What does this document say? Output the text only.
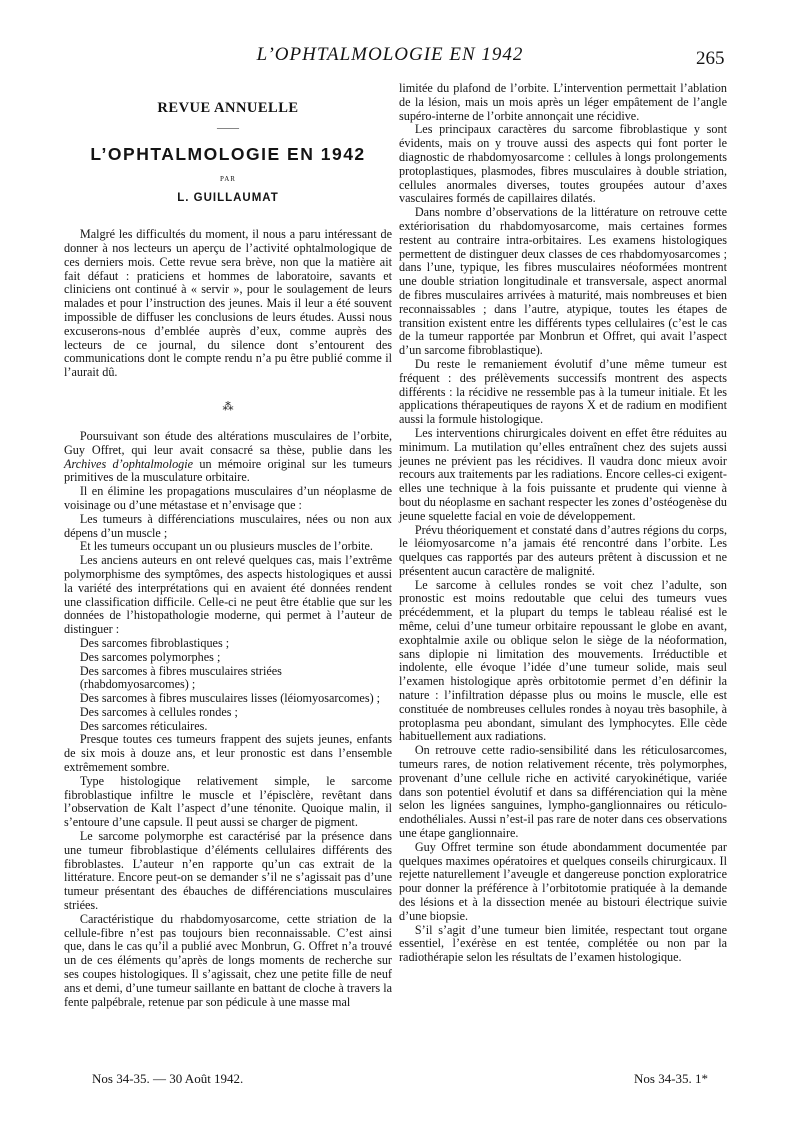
L’OPHTALMOLOGIE EN 1942	265
REVUE ANNUELLE
——
L’OPHTALMOLOGIE EN 1942
PAR
L. GUILLAUMAT

Malgré les difficultés du moment, il nous a paru intéressant de donner à nos lecteurs un aperçu de l’activité ophtalmologique de ces derniers mois. Cette revue sera brève, non que la matière ait fait défaut : praticiens et hommes de laboratoire, savants et cliniciens ont continué à « servir », pour le soulagement de leurs malades et pour l’instruction des jeunes. Mais il leur a été souvent impossible de diffuser les conclusions de leurs études. Aussi nous excuserons-nous d’emblée auprès d’eux, comme auprès des lecteurs de ce journal, du silence dont s’entourent des communications dont le compte rendu n’a pu être publié comme il l’aurait dû.

⁂

Poursuivant son étude des altérations musculaires de l’orbite, Guy Offret, qui leur avait consacré sa thèse, publie dans les Archives d’ophtalmologie un mémoire original sur les tumeurs primitives de la musculature orbitaire.

Il en élimine les propagations musculaires d’un néoplasme de voisinage ou d’une métastase et n’envisage que :

Les tumeurs à différenciations musculaires, nées ou non aux dépens d’un muscle ;

Et les tumeurs occupant un ou plusieurs muscles de l’orbite.

Les anciens auteurs en ont relevé quelques cas, mais l’extrême polymorphisme des symptômes, des aspects histologiques et aussi la variété des interprétations qui en avaient été données rendent une classification difficile. Celle-ci ne peut être établie que sur les données de l’histopathologie moderne, qui permet à l’auteur de distinguer :

Des sarcomes fibroblastiques ;

Des sarcomes polymorphes ;

Des sarcomes à fibres musculaires striées (rhabdomyosarcomes) ;

Des sarcomes à fibres musculaires lisses (léiomyosarcomes) ;

Des sarcomes à cellules rondes ;

Des sarcomes réticulaires.

Presque toutes ces tumeurs frappent des sujets jeunes, enfants de six mois à douze ans, et leur pronostic est dans l’ensemble extrêmement sombre.

Type histologique relativement simple, le sarcome fibroblastique infiltre le muscle et l’épisclère, revêtant dans l’observation de Kalt l’aspect d’une ténonite. Quoique malin, il s’entoure d’une capsule. Il peut aussi se charger de pigment.

Le sarcome polymorphe est caractérisé par la présence dans une tumeur fibroblastique d’éléments cellulaires différents des fibroblastes. L’auteur n’en rapporte qu’un cas extrait de la littérature. Encore peut-on se demander s’il ne s’agissait pas d’une tumeur présentant des ébauches de différenciations musculaires striées.

Caractéristique du rhabdomyosarcome, cette striation de la cellule-fibre n’est pas toujours bien reconnaissable. C’est ainsi que, dans le cas qu’il a publié avec Monbrun, G. Offret n’a trouvé un de ces éléments qu’après de longs moments de recherche sur ses coupes histologiques. Il s’agissait, chez une petite fille de neuf ans et demi, d’une tumeur saillante en battant de cloche à travers la fente palpébrale, retenue par son pédicule à une masse mal

limitée du plafond de l’orbite. L’intervention permettait l’ablation de la lésion, mais un mois après un léger empâtement de l’angle supéro-interne de l’orbite annonçait une récidive.

Les principaux caractères du sarcome fibroblastique y sont évidents, mais on y trouve aussi des aspects qui font porter le diagnostic de rhabdomyosarcome : cellules à longs prolongements protoplastiques, plasmodes, fibres musculaires à double striation, cellules anormales diverses, toutes groupées autour d’axes vasculaires formés de capillaires dilatés.

Dans nombre d’observations de la littérature on retrouve cette extériorisation du rhabdomyosarcome, mais certaines formes restent au contraire intra-orbitaires. Les examens histologiques permettent de distinguer deux classes de ces rhabdomyosarcomes ; dans l’une, typique, les fibres musculaires néoformées montrent une double striation longitudinale et transversale, aspect anormal de fibres musculaires arrivées à maturité, mais nombreuses et bien reconnaissables ; dans l’autre, atypique, toutes les étapes de transition existent entre les différents types cellulaires (c’est le cas de la tumeur rapportée par Monbrun et Offret, qui avait l’aspect d’un sarcome fibroblastique).

Du reste le remaniement évolutif d’une même tumeur est fréquent : des prélèvements successifs montrent des aspects différents : la récidive ne ressemble pas à la tumeur initiale. Et les applications thérapeutiques de rayons X et de radium en modifient aussi la formule histologique.

Les interventions chirurgicales doivent en effet être réduites au minimum. La mutilation qu’elles entraînent chez des sujets aussi jeunes ne prévient pas les récidives. Il vaudra donc mieux avoir recours aux traitements par les radiations. Encore celles-ci exigent-elles une technique à la fois puissante et prudente qui vienne à bout du néoplasme en sachant respecter les zones d’ostéogenèse du jeune squelette facial en voie de développement.

Prévu théoriquement et constaté dans d’autres régions du corps, le léiomyosarcome n’a jamais été rencontré dans l’orbite. Les quelques cas rapportés par des auteurs prêtent à discussion et ne présentent aucun caractère de malignité.

Le sarcome à cellules rondes se voit chez l’adulte, son pronostic est moins redoutable que celui des tumeurs vues précédemment, et la plupart du temps le tableau réalisé est le même, celui d’une tumeur orbitaire repoussant le globe en avant, exophtalmie axile ou oblique selon le siège de la néoformation, sans diplopie ni limitation des mouvements. Irréductible et indolente, elle évoque l’idée d’une tumeur solide, mais seul l’examen histologique après orbitotomie permet d’en définir la nature : l’infiltration dépasse plus ou moins le muscle, elle est constituée de nombreuses cellules rondes à noyau très basophile, à protoplasma peu abondant, simulant des lymphocytes. Elle cède habituellement aux radiations.

On retrouve cette radio-sensibilité dans les réticulosarcomes, tumeurs rares, de notion relativement récente, très polymorphes, provenant d’une cellule riche en activité caryokinétique, variée dans son potentiel évolutif et dans sa différenciation qui la mène selon les lignées sanguines, lympho-ganglionnaires ou réticulo-endothéliales. Aussi n’est-il pas rare de noter dans ces observations une étape ganglionnaire.

Guy Offret termine son étude abondamment documentée par quelques maximes opératoires et quelques conseils chirurgicaux. Il rejette naturellement l’aveugle et dangereuse ponction exploratrice pour donner la préférence à l’orbitotomie pratiquée à la demande des lésions et à la dissection menée au bistouri électrique suivie d’une biopsie.

S’il s’agit d’une tumeur bien limitée, respectant tout organe essentiel, l’exérèse en est tentée, complétée ou non par la radiothérapie selon les résultats de l’examen histologique.

Nos 34-35. — 30 Août 1942.	Nos 34-35. 1*
